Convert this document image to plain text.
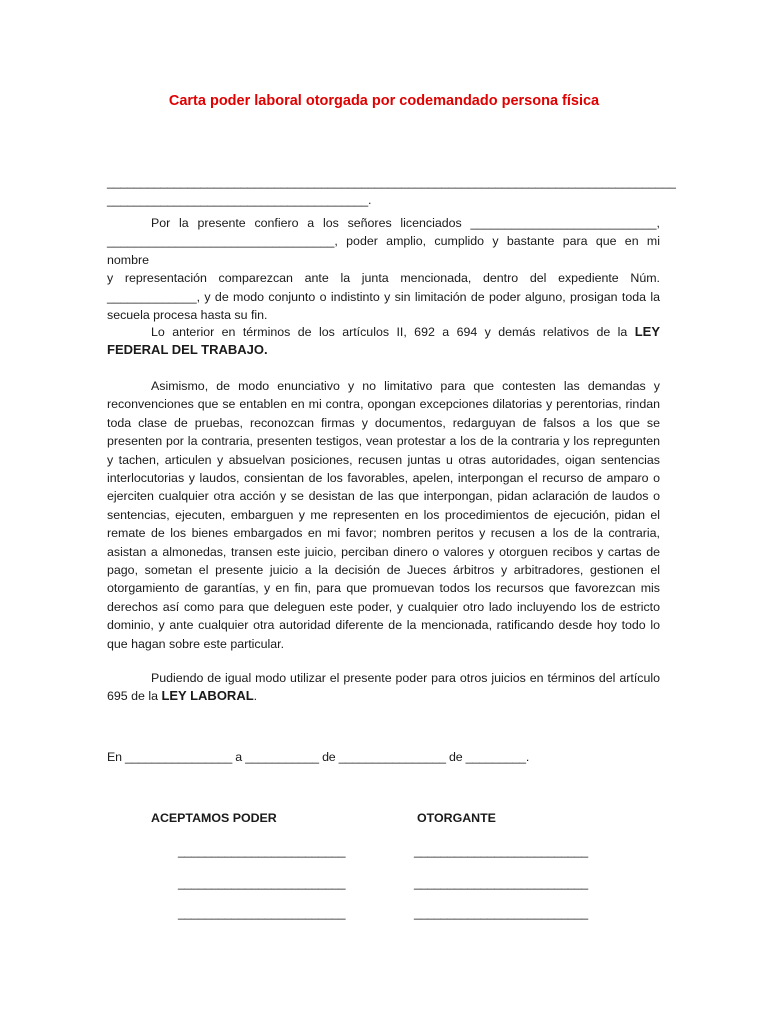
Carta poder laboral otorgada por codemandado persona física
_____________________________________________________________________________________
_______________________________________.
Por la presente confiero a los señores licenciados ___________________________,
_________________________________, poder amplio, cumplido y bastante para que en mi nombre
y representación comparezcan ante la junta mencionada, dentro del expediente Núm.
_____________, y de modo conjunto o indistinto y sin limitación de poder alguno, prosigan toda la
secuela procesa hasta su fin.
Lo anterior en términos de los artículos II, 692 a 694 y demás relativos de la LEY FEDERAL DEL TRABAJO.
Asimismo, de modo enunciativo y no limitativo para que contesten las demandas y reconvenciones que se entablen en mi contra, opongan excepciones dilatorias y perentorias, rindan toda clase de pruebas, reconozcan firmas y documentos, redarguyan de falsos a los que se presenten por la contraria, presenten testigos, vean protestar a los de la contraria y los repregunten y tachen, articulen y absuelvan posiciones, recusen juntas u otras autoridades, oigan sentencias interlocutorias y laudos, consientan de los favorables, apelen, interpongan el recurso de amparo o ejerciten cualquier otra acción y se desistan de las que interpongan, pidan aclaración de laudos o sentencias, ejecuten, embarguen y me representen en los procedimientos de ejecución, pidan el remate de los bienes embargados en mi favor; nombren peritos y recusen a los de la contraria, asistan a almonedas, transen este juicio, perciban dinero o valores y otorguen recibos y cartas de pago, sometan el presente juicio a la decisión de Jueces árbitros y arbitradores, gestionen el otorgamiento de garantías, y en fin, para que promuevan todos los recursos que favorezcan mis derechos así como para que deleguen este poder, y cualquier otro lado incluyendo los de estricto dominio, y ante cualquier otra autoridad diferente de la mencionada, ratificando desde hoy todo lo que hagan sobre este particular.
Pudiendo de igual modo utilizar el presente poder para otros juicios en términos del artículo 695 de la LEY LABORAL.
En ________________ a ___________ de ________________ de _________.
ACEPTAMOS PODER	OTORGANTE
_________________________
_________________________
_________________________
__________________________
__________________________
__________________________
